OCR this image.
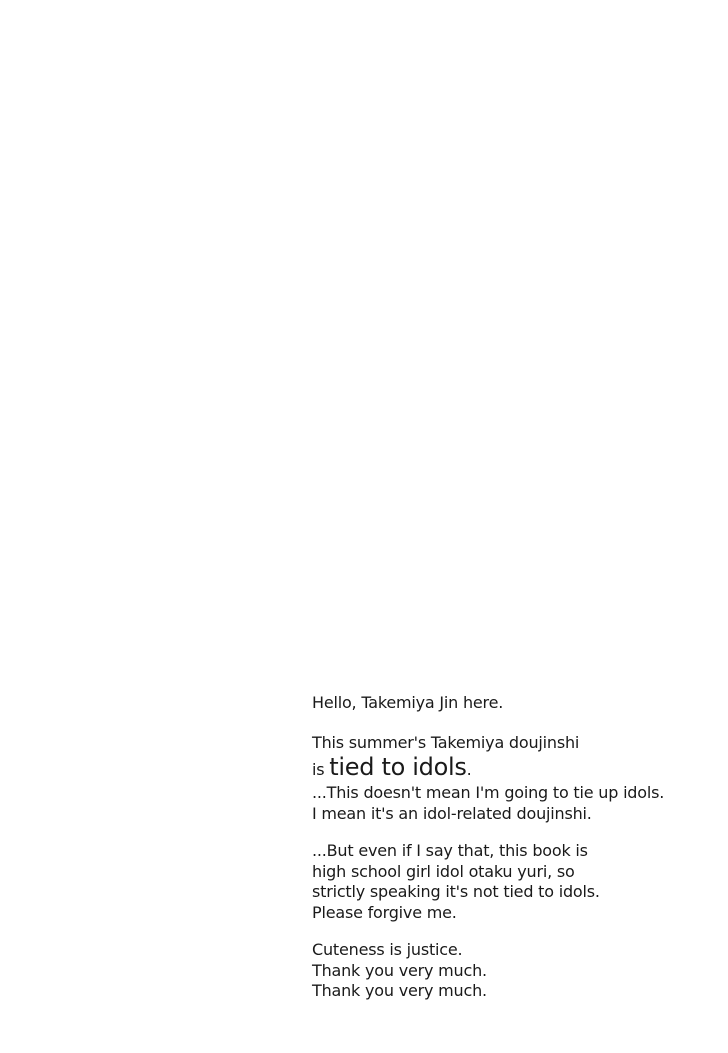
Hello, Takemiya Jin here.

This summer's Takemiya doujinshi
is tied to idols.
...This doesn't mean I'm going to tie up idols.
I mean it's an idol-related doujinshi.

...But even if I say that, this book is
high school girl idol otaku yuri, so
strictly speaking it's not tied to idols.
Please forgive me.

Cuteness is justice.
Thank you very much.
Thank you very much.
